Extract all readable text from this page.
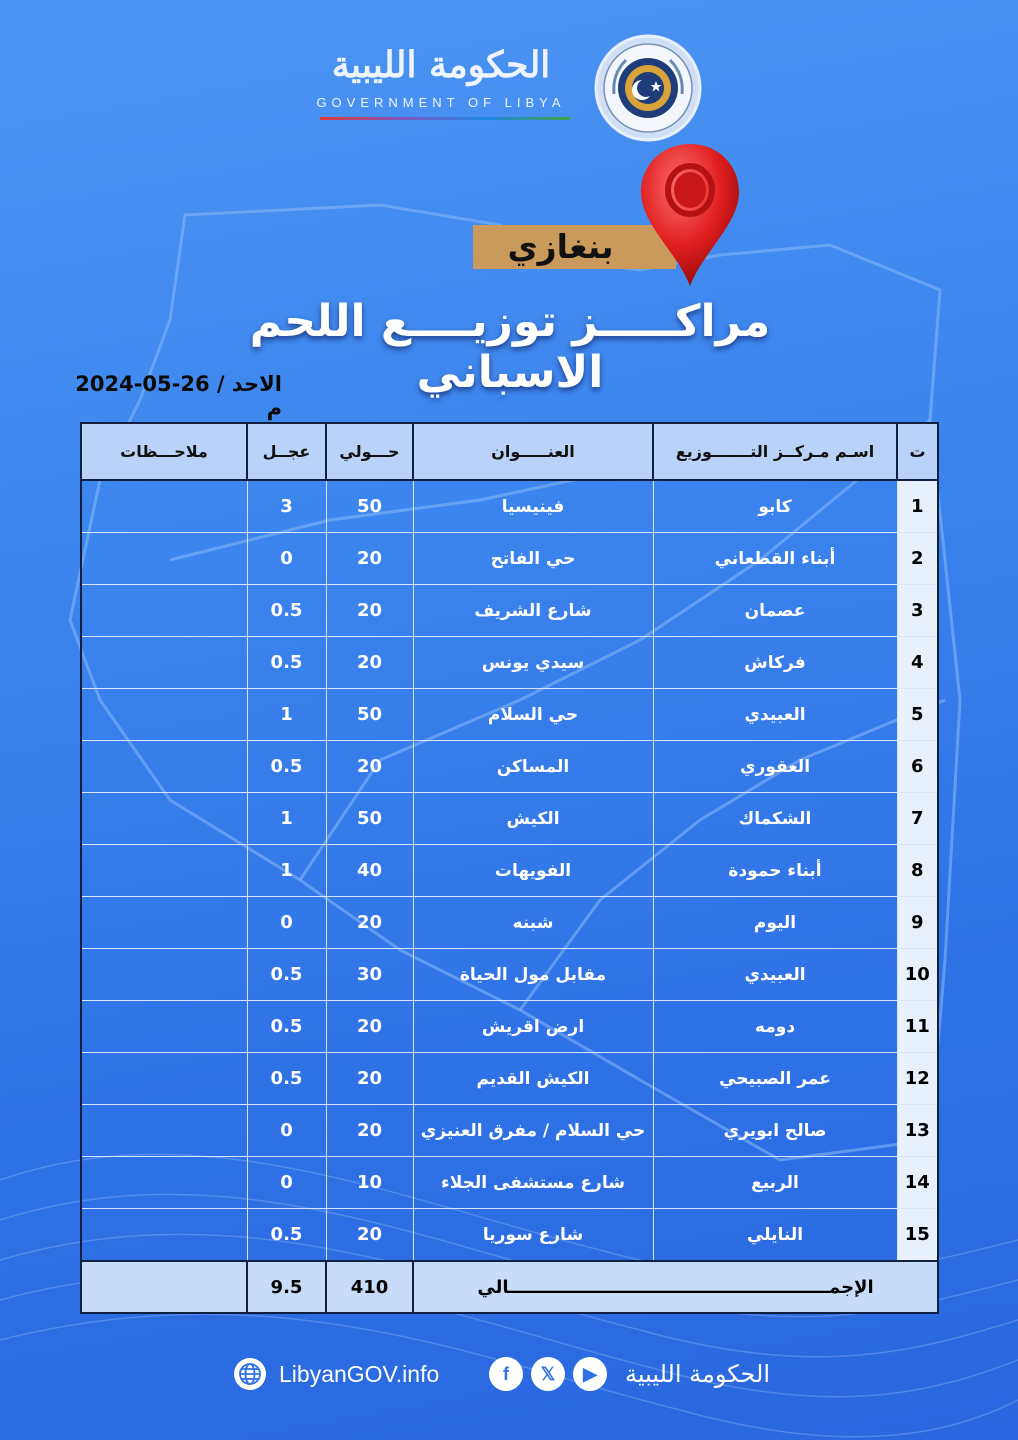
الحكومة الليبية
GOVERNMENT OF LIBYA
بنغازي
مراكـــــز توزيــــع اللحم الاسباني
الاحد / 26-05-2024 م
ت	اسـم مـركــز التـــــــوزيع	العنـــــوان	حـــولي	عجــل	ملاحـــظات
1	كابو	فينيسيا	50	3	
2	أبناء القطعاني	حي الفاتح	20	0	
3	عصمان	شارع الشريف	20	0.5	
4	فركاش	سيدي يونس	20	0.5	
5	العبيدي	حي السلام	50	1	
6	العقوري	المساكن	20	0.5	
7	الشكماك	الكيش	50	1	
8	أبناء حمودة	الفويهات	40	1	
9	اليوم	شبنه	20	0	
10	العبيدي	مقابل مول الحياة	30	0.5	
11	دومه	ارض اقريش	20	0.5	
12	عمر الصبيحي	الكيش القديم	20	0.5	
13	صالح ابويري	حي السلام / مفرق العنيزي	20	0	
14	الربيع	شارع مستشفى الجلاء	10	0	
15	النايلي	شارع سوريا	20	0.5	
الإجمــــــــــــــــــــــــــــــــــــــــــــــــــــالي			410	9.5	
LibyanGOV.info	f	𝕏	▶	الحكومة الليبية
